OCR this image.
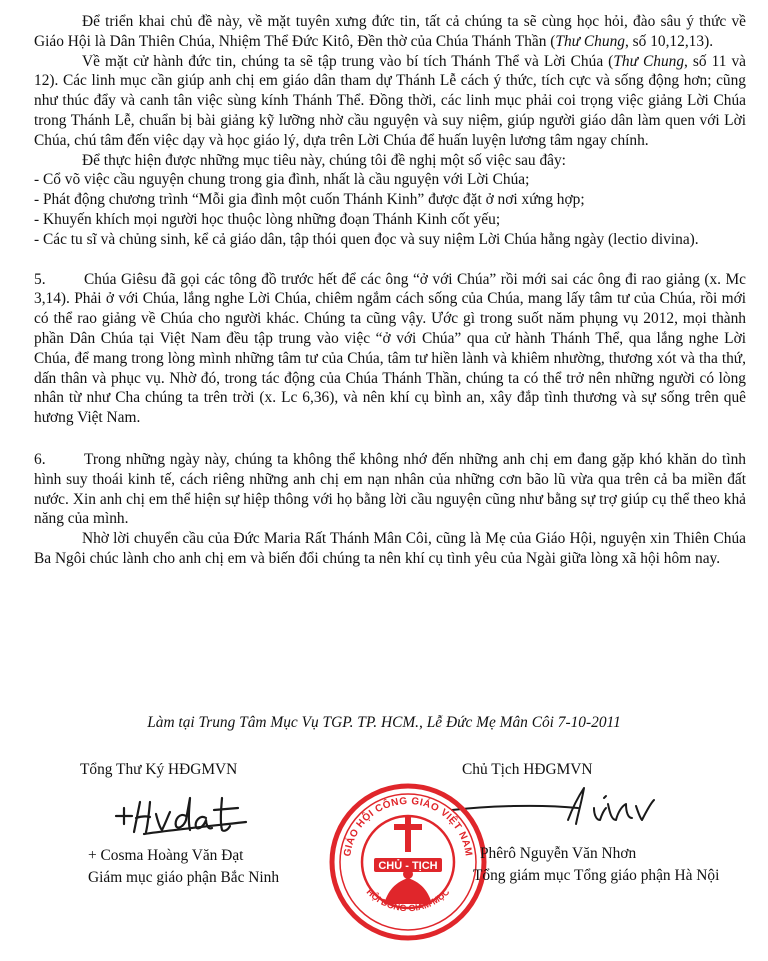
Để triển khai chủ đề này, về mặt tuyên xưng đức tin, tất cả chúng ta sẽ cùng học hỏi, đào sâu ý thức về Giáo Hội là Dân Thiên Chúa, Nhiệm Thể Đức Kitô, Đền thờ của Chúa Thánh Thần (Thư Chung, số 10,12,13).

Về mặt cử hành đức tin, chúng ta sẽ tập trung vào bí tích Thánh Thể và Lời Chúa (Thư Chung, số 11 và 12). Các linh mục cần giúp anh chị em giáo dân tham dự Thánh Lễ cách ý thức, tích cực và sống động hơn; cũng như thúc đẩy và canh tân việc sùng kính Thánh Thể. Đồng thời, các linh mục phải coi trọng việc giảng Lời Chúa trong Thánh Lễ, chuẩn bị bài giảng kỹ lưỡng nhờ cầu nguyện và suy niệm, giúp người giáo dân làm quen với Lời Chúa, chú tâm đến việc dạy và học giáo lý, dựa trên Lời Chúa để huấn luyện lương tâm ngay chính.

Để thực hiện được những mục tiêu này, chúng tôi đề nghị một số việc sau đây:

- Cổ võ việc cầu nguyện chung trong gia đình, nhất là cầu nguyện với Lời Chúa;

- Phát động chương trình “Mỗi gia đình một cuốn Thánh Kinh” được đặt ở nơi xứng hợp;

- Khuyến khích mọi người học thuộc lòng những đoạn Thánh Kinh cốt yếu;

- Các tu sĩ và chủng sinh, kể cả giáo dân, tập thói quen đọc và suy niệm Lời Chúa hằng ngày (lectio divina).

5. Chúa Giêsu đã gọi các tông đồ trước hết để các ông “ở với Chúa” rồi mới sai các ông đi rao giảng (x. Mc 3,14). Phải ở với Chúa, lắng nghe Lời Chúa, chiêm ngắm cách sống của Chúa, mang lấy tâm tư của Chúa, rồi mới có thể rao giảng về Chúa cho người khác. Chúng ta cũng vậy. Ước gì trong suốt năm phụng vụ 2012, mọi thành phần Dân Chúa tại Việt Nam đều tập trung vào việc “ở với Chúa” qua cử hành Thánh Thể, qua lắng nghe Lời Chúa, để mang trong lòng mình những tâm tư của Chúa, tâm tư hiền lành và khiêm nhường, thương xót và tha thứ, dấn thân và phục vụ. Nhờ đó, trong tác động của Chúa Thánh Thần, chúng ta có thể trở nên những người có lòng nhân từ như Cha chúng ta trên trời (x. Lc 6,36), và nên khí cụ bình an, xây đắp tình thương và sự sống trên quê hương Việt Nam.

6. Trong những ngày này, chúng ta không thể không nhớ đến những anh chị em đang gặp khó khăn do tình hình suy thoái kinh tế, cách riêng những anh chị em nạn nhân của những cơn bão lũ vừa qua trên cả ba miền đất nước. Xin anh chị em thể hiện sự hiệp thông với họ bằng lời cầu nguyện cũng như bằng sự trợ giúp cụ thể theo khả năng của mình.

Nhờ lời chuyển cầu của Đức Maria Rất Thánh Mân Côi, cũng là Mẹ của Giáo Hội, nguyện xin Thiên Chúa Ba Ngôi chúc lành cho anh chị em và biến đổi chúng ta nên khí cụ tình yêu của Ngài giữa lòng xã hội hôm nay.

Làm tại Trung Tâm Mục Vụ TGP. TP. HCM., Lễ Đức Mẹ Mân Côi 7-10-2011
Tổng Thư Ký HĐGMVN	Chủ Tịch HĐGMVN
GIÁO HỘI CÔNG GIÁO VIỆT NAM
HỘI ĐỒNG GIÁM MỤC
CHỦ - TỊCH
+ Cosma Hoàng Văn Đạt
Giám mục giáo phận Bắc Ninh
Phêrô Nguyễn Văn Nhơn
Tổng giám mục Tổng giáo phận Hà Nội
